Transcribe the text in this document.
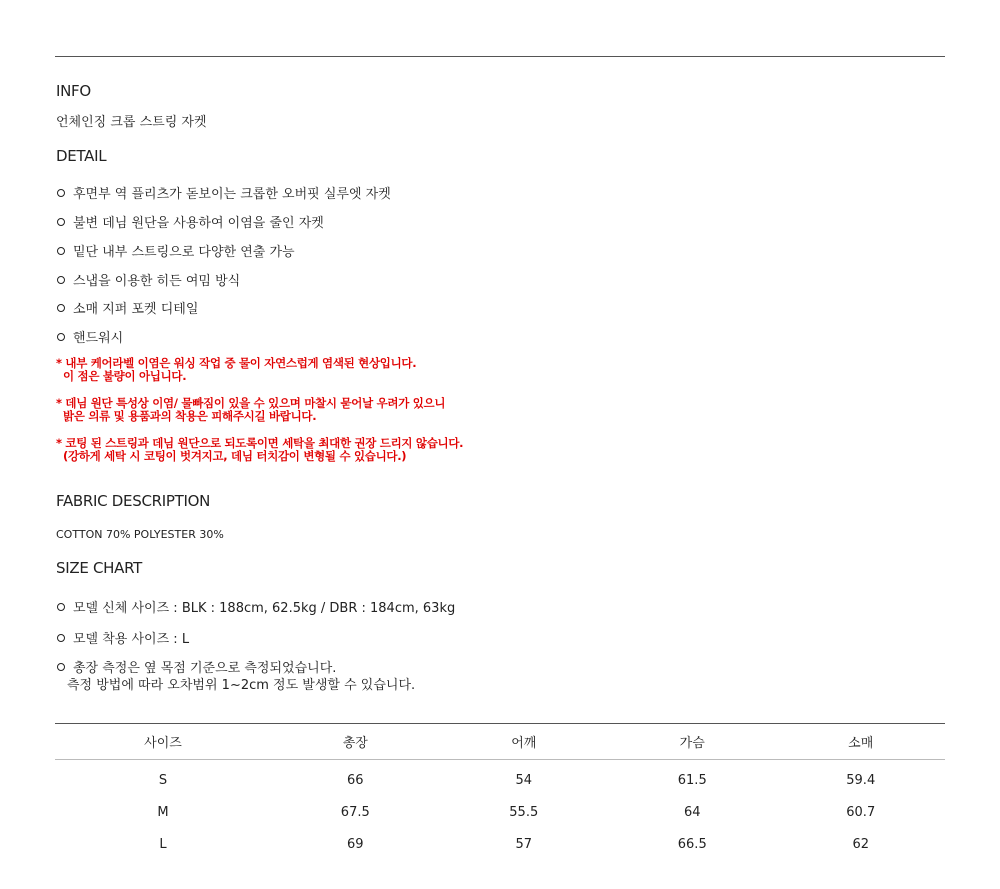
INFO
언체인징 크롭 스트링 자켓
DETAIL
후면부 역 플리츠가 돋보이는 크롭한 오버핏 실루엣 자켓
불변 데님 원단을 사용하여 이염을 줄인 자켓
밑단 내부 스트링으로 다양한 연출 가능
스냅을 이용한 히든 여밈 방식
소매 지퍼 포켓 디테일
핸드워시
* 내부 케어라벨 이염은 워싱 작업 중 물이 자연스럽게 염색된 현상입니다.
이 점은 불량이 아닙니다.
* 데님 원단 특성상 이염/ 물빠짐이 있을 수 있으며 마찰시 묻어날 우려가 있으니
밝은 의류 및 용품과의 착용은 피해주시길 바랍니다.
* 코팅 된 스트링과 데님 원단으로 되도록이면 세탁을 최대한 권장 드리지 않습니다.
(강하게 세탁 시 코팅이 벗겨지고, 데님 터치감이 변형될 수 있습니다.)
FABRIC DESCRIPTION
COTTON 70% POLYESTER 30%
SIZE CHART
모델 신체 사이즈 : BLK : 188cm, 62.5kg / DBR : 184cm, 63kg
모델 착용 사이즈 : L
총장 측정은 옆 목점 기준으로 측정되었습니다.
측정 방법에 따라 오차범위 1~2cm 정도 발생할 수 있습니다.
사이즈	총장	어깨	가슴	소매
S	66	54	61.5	59.4
M	67.5	55.5	64	60.7
L	69	57	66.5	62
